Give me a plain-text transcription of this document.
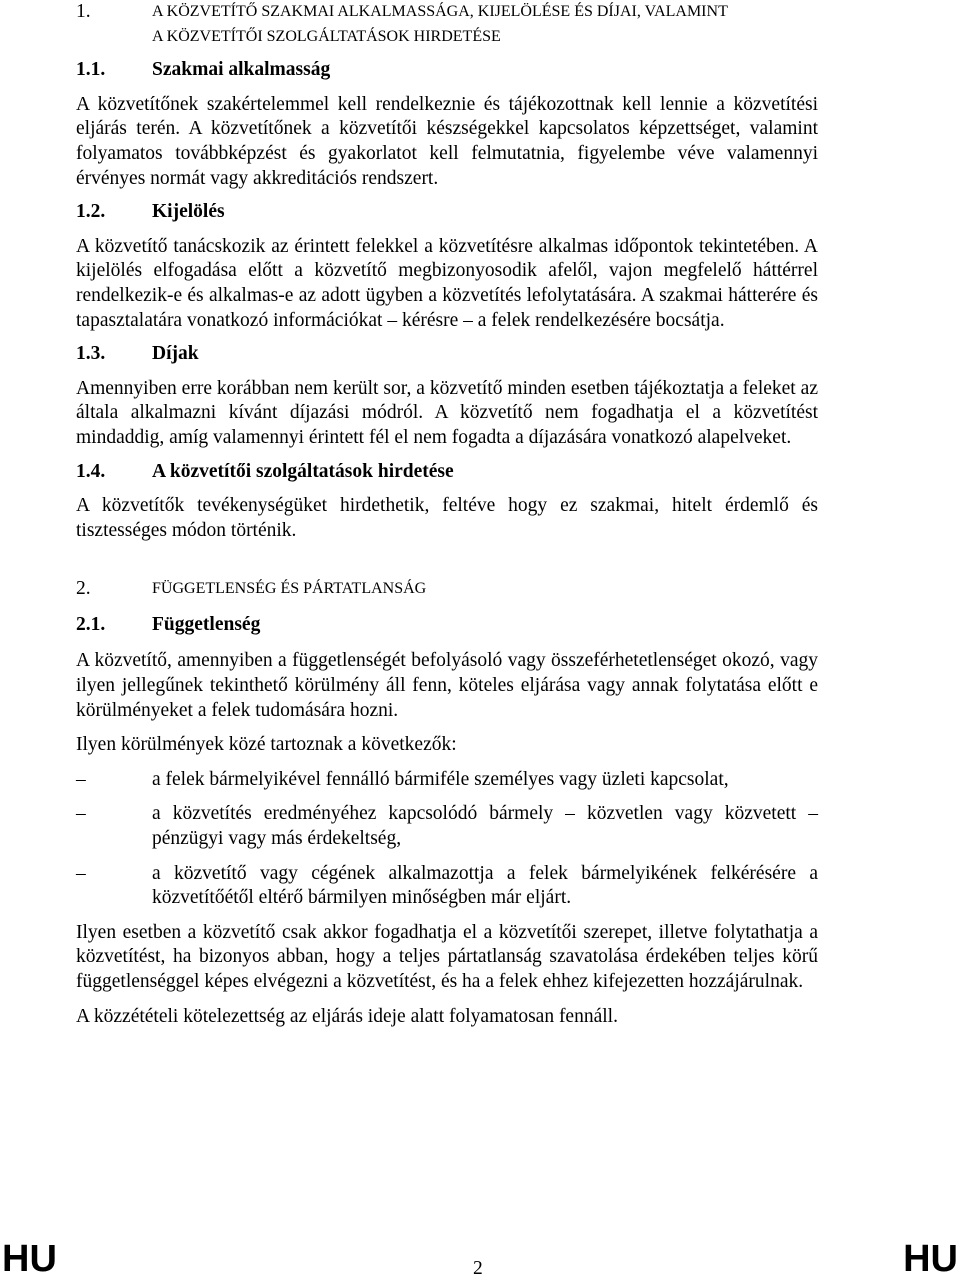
1.	A KÖZVETÍTŐ SZAKMAI ALKALMASSÁGA, KIJELÖLÉSE ÉS DÍJAI, VALAMINT
A KÖZVETÍTŐI SZOLGÁLTATÁSOK HIRDETÉSE
1.1. Szakmai alkalmasság

A közvetítőnek szakértelemmel kell rendelkeznie és tájékozottnak kell lennie a közvetítési eljárás terén. A közvetítőnek a közvetítői készségekkel kapcsolatos képzettséget, valamint folyamatos továbbképzést és gyakorlatot kell felmutatnia, figyelembe véve valamennyi érvényes normát vagy akkreditációs rendszert.

1.2. Kijelölés

A közvetítő tanácskozik az érintett felekkel a közvetítésre alkalmas időpontok tekintetében. A kijelölés elfogadása előtt a közvetítő megbizonyosodik afelől, vajon megfelelő háttérrel rendelkezik-e és alkalmas-e az adott ügyben a közvetítés lefolytatására. A szakmai hátterére és tapasztalatára vonatkozó információkat – kérésre – a felek rendelkezésére bocsátja.

1.3. Díjak

Amennyiben erre korábban nem került sor, a közvetítő minden esetben tájékoztatja a feleket az általa alkalmazni kívánt díjazási módról. A közvetítő nem fogadhatja el a közvetítést mindaddig, amíg valamennyi érintett fél el nem fogadta a díjazására vonatkozó alapelveket.

1.4. A közvetítői szolgáltatások hirdetése

A közvetítők tevékenységüket hirdethetik, feltéve hogy ez szakmai, hitelt érdemlő és tisztességes módon történik.

2.	FÜGGETLENSÉG ÉS PÁRTATLANSÁG
2.1. Függetlenség

A közvetítő, amennyiben a függetlenségét befolyásoló vagy összeférhetetlenséget okozó, vagy ilyen jellegűnek tekinthető körülmény áll fenn, köteles eljárása vagy annak folytatása előtt e körülményeket a felek tudomására hozni.

Ilyen körülmények közé tartoznak a következők:

–	a felek bármelyikével fennálló bármiféle személyes vagy üzleti kapcsolat,
–	a közvetítés eredményéhez kapcsolódó bármely – közvetlen vagy közvetett – pénzügyi vagy más érdekeltség,
–	a közvetítő vagy cégének alkalmazottja a felek bármelyikének felkérésére a közvetítőétől eltérő bármilyen minőségben már eljárt.

Ilyen esetben a közvetítő csak akkor fogadhatja el a közvetítői szerepet, illetve folytathatja a közvetítést, ha bizonyos abban, hogy a teljes pártatlanság szavatolása érdekében teljes körű függetlenséggel képes elvégezni a közvetítést, és ha a felek ehhez kifejezetten hozzájárulnak.

A közzétételi kötelezettség az eljárás ideje alatt folyamatosan fennáll.

HU	2	HU
